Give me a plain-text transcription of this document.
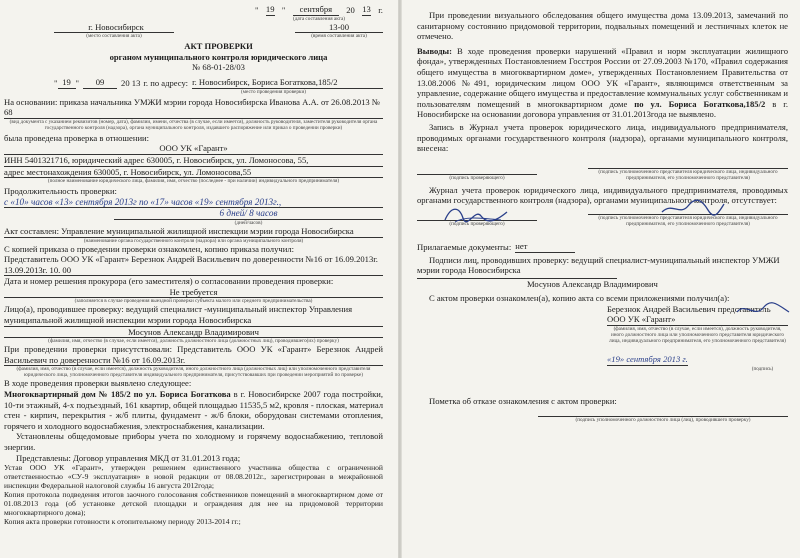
г. Новосибирск
(место составления акта)
" 19 "	сентября	20 13 г.
(дата составления акта)
13-00
(время составления акта)
АКТ ПРОВЕРКИ
органом муниципального контроля юридического лица
№ 68-01-28/03
" 19 "	09	20 13 г. по адресу: г. Новосибирск, Бориса Богаткова,185/2
(место проведения проверки)
На основании: приказа начальника УМЖИ мэрии города Новосибирска Иванова А.А. от 26.08.2013 № 68
(вид документа с указанием реквизитов (номер, дата), фамилии, имени, отчества (в случае, если имеется), должность руководителя, заместителя руководителя органа государственного контроля (надзора), органа муниципального контроля, издавшего распоряжение или приказ о проведении проверки)
была проведена проверка в отношении:
ООО УК «Гарант»
ИНН 5401321716, юридический адрес 630005, г. Новосибирск, ул. Ломоносова, 55,
адрес местонахождения 630005, г. Новосибирск, ул. Ломоносова,55
(полное наименование юридического лица, фамилия, имя, отчество (последнее - при наличии) индивидуального предпринимателя)
Продолжительность проверки:
с «10» часов «13» сентября 2013г по «17» часов «19» сентября 2013г.,
6 дней/ 8 часов
(дней/часов)
Акт составлен: Управление муниципальной жилищной инспекции мэрии города Новосибирска
(наименование органа государственного контроля (надзора) или органа муниципального контроля)
С копией приказа о проведении проверки ознакомлен, копию приказа получил:
Представитель ООО УК «Гарант» Березнок Андрей Васильевич по доверенности №16 от 16.09.2013г. 13.09.2013г. 10. 00
Дата и номер решения прокурора (его заместителя) о согласовании проведения проверки:
Не требуется
(заполняется в случае проведения выездной проверки субъекта малого или среднего предпринимательства)
Лицо(а), проводившее проверку: ведущий специалист -муниципальный инспектор Управления муниципальной жилищной инспекции мэрии города Новосибирска
Мосунов Александр Владимирович
(фамилия, имя, отчество (в случае, если имеется), должность должностного лица (должностных лиц), проводившего(их) проверку)
При проведении проверки присутствовали: Представитель ООО УК «Гарант» Березнок Андрей Васильевич по доверенности №16 от 16.09.2013г.
(фамилия, имя, отчество (в случае, если имеется), должность руководителя, иного должностного лица (должностных лиц) или уполномоченного представителя юридического лица, уполномоченного представителя индивидуального предпринимателя, присутствовавших при проведении мероприятий по проверке)
В ходе проведения проверки выявлено следующее:
Многоквартирный дом № 185/2 по ул. Бориса Богаткова в г. Новосибирске 2007 года постройки, 10-ти этажный, 4-х подъездный, 161 квартир, общей площадью 11535,5 м2, кровля - плоская, материал стен - кирпич, перекрытия - ж/б плиты, фундамент - ж/б блоки, оборудован системами отопления, горячего и холодного водоснабжения, электроснабжения, канализации.
Установлены общедомовые приборы учета по холодному и горячему водоснабжению, тепловой энергии.
Представлены: Договор управления МКД от 31.01.2013 года;
Устав ООО УК «Гарант», утвержден решением единственного участника общества с ограниченной ответственностью «СУ-9 эксплуатация» в новой редакции от 08.08.2012г., зарегистрирован в межрайонной инспекции Федеральной налоговой службы 16 августа 2012года;
Копия протокола подведения итогов заочного голосования собственников помещений в многоквартирном доме от 01.08.2013 года (об установке детской площадки и ограждения для нее на придомовой территории многоквартирного дома);
Копия акта проверки готовности к отопительному периоду 2013-2014 гг.;
При проведении визуального обследования общего имущества дома 13.09.2013, замечаний по санитарному состоянию придомовой территории, подвальных помещений и лестничных клеток не отмечено.
Выводы: В ходе проведения проверки нарушений «Правил и норм эксплуатации жилищного фонда», утвержденных Постановлением Госстроя России от 27.09.2003 №170, «Правил содержания общего имущества в многоквартирном доме», утвержденных Постановлением Правительства от 13.08.2006 №491, юридическим лицом ООО УК «Гарант», являющимся ответственным за управление, содержание общего имущества и предоставление коммунальных услуг собственникам и пользователям помещений в многоквартирном доме по ул. Бориса Богаткова,185/2 в г. Новосибирске на основании договора управления от 31.01.2013года не выявлено.
Запись в Журнал учета проверок юридического лица, индивидуального предпринимателя, проводимых органами государственного контроля (надзора), органами муниципального контроля, внесена:
(подпись проверяющего)
(подпись уполномоченного представителя юридического лица, индивидуального предпринимателя, его уполномоченного представителя)
Журнал учета проверок юридического лица, индивидуального предпринимателя, проводимых органами государственного контроля (надзора), органами муниципального контроля, отсутствует:
(подпись проверяющего)
(подпись уполномоченного представителя юридического лица, индивидуального предпринимателя, его уполномоченного представителя)
Прилагаемые документы: нет
Подписи лиц, проводивших проверку: ведущий специалист-муниципальный инспектор УМЖИ мэрии города Новосибирска
Мосунов Александр Владимирович
С актом проверки ознакомлен(а), копию акта со всеми приложениями получил(а):
Березнок Андрей Васильевич представитель ООО УК «Гарант»
(фамилия, имя, отчество (в случае, если имеется), должность руководителя, иного должностного лица или уполномоченного представителя юридического лица, индивидуального предпринимателя, его уполномоченного представителя)
«19» сентября 2013 г.
(подпись)
Пометка об отказе ознакомления с актом проверки:
(подпись уполномоченного должностного лица (лиц), проводившего проверку)
